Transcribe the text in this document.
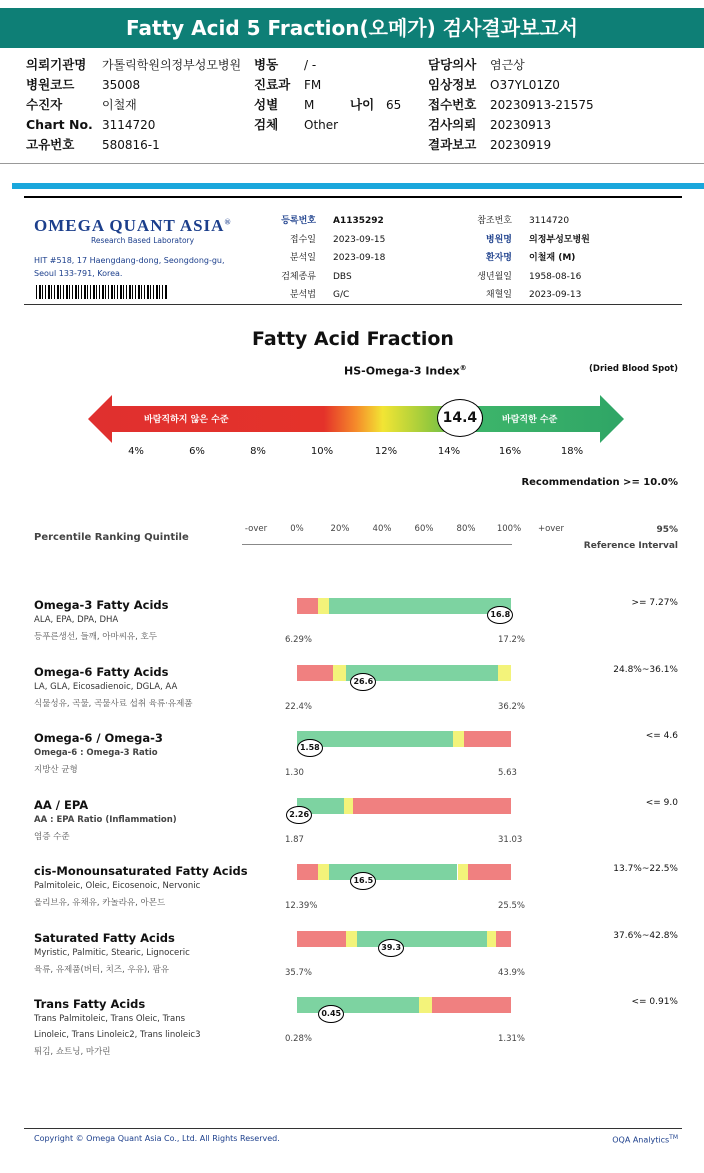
Fatty Acid 5 Fraction(오메가) 검사결과보고서
의뢰기관명 가톨릭학원의정부성모병원
병원코드 35008
수진자	이철재
Chart No. 3114720
고유번호 580816-1
병동 / -
진료과 FM
성별 M	나이 65
검체 Other
담당의사 염근상
임상정보 O37YL01Z0
접수번호 20230913-21575
검사의뢰 20230913
결과보고 20230919
OMEGA QUANT ASIA®
Research Based Laboratory
HIT #518, 17 Haengdang-dong, Seongdong-gu,
Seoul 133-791, Korea.
등록번호 A1135292	참조번호 3114720
접수일 2023-09-15	병원명 의정부성모병원
분석일 2023-09-18	환자명 이철재 (M)
검체종류 DBS	생년월일 1958-08-16
분석법 G/C	채혈일 2023-09-13
Fatty Acid Fraction
HS-Omega-3 Index®	(Dried Blood Spot)
바람직하지 않은 수준	바람직한 수준
14.4
4%	6%	8%	10%	12%	14%	16%	18%
Recommendation >= 10.0%
Percentile Ranking Quintile
-over	0%	20%	40%	60%	80%	100%	+over	95%
Reference Interval
Omega-3 Fatty Acids
ALA, EPA, DPA, DHA
등푸른생선, 들깨, 아마씨유, 호두
16.8
6.29%	17.2%
>= 7.27%
Omega-6 Fatty Acids
LA, GLA, Eicosadienoic, DGLA, AA
식물성유, 곡물, 곡물사료 섭취 육류·유제품
26.6
22.4%	36.2%
24.8%~36.1%
Omega-6 / Omega-3
Omega-6 : Omega-3 Ratio
지방산 균형
1.58
1.30	5.63
<= 4.6
AA / EPA
AA : EPA Ratio (Inflammation)
염증 수준
2.26
1.87	31.03
<= 9.0
cis-Monounsaturated Fatty Acids
Palmitoleic, Oleic, Eicosenoic, Nervonic
올리브유, 유채유, 카놀라유, 아몬드
16.5
12.39%	25.5%
13.7%~22.5%
Saturated Fatty Acids
Myristic, Palmitic, Stearic, Lignoceric
육류, 유제품(버터, 치즈, 우유), 팜유
39.3
35.7%	43.9%
37.6%~42.8%
Trans Fatty Acids
Trans Palmitoleic, Trans Oleic, Trans
Linoleic, Trans Linoleic2, Trans linoleic3
튀김, 쇼트닝, 마가린
0.45
0.28%	1.31%
<= 0.91%
Copyright © Omega Quant Asia Co., Ltd. All Rights Reserved.	OQA Analytics™
